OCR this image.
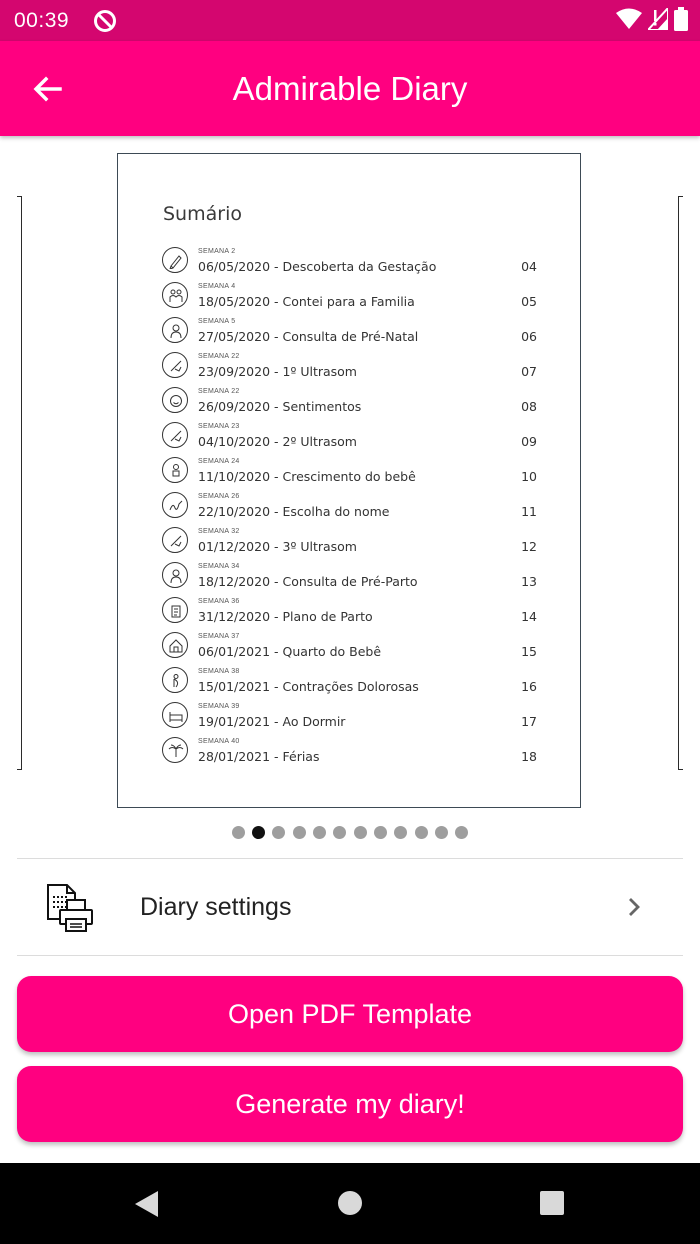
00:39
Admirable Diary
Sumário
SEMANA 2
06/05/2020 - Descoberta da Gestação	04
SEMANA 4
18/05/2020 - Contei para a Familia	05
SEMANA 5
27/05/2020 - Consulta de Pré-Natal	06
SEMANA 22
23/09/2020 - 1º Ultrasom	07
SEMANA 22
26/09/2020 - Sentimentos	08
SEMANA 23
04/10/2020 - 2º Ultrasom	09
SEMANA 24
11/10/2020 - Crescimento do bebê	10
SEMANA 26
22/10/2020 - Escolha do nome	11
SEMANA 32
01/12/2020 - 3º Ultrasom	12
SEMANA 34
18/12/2020 - Consulta de Pré-Parto	13
SEMANA 36
31/12/2020 - Plano de Parto	14
SEMANA 37
06/01/2021 - Quarto do Bebê	15
SEMANA 38
15/01/2021 - Contrações Dolorosas	16
SEMANA 39
19/01/2021 - Ao Dormir	17
SEMANA 40
28/01/2021 - Férias	18
Diary settings
Open PDF Template
Generate my diary!
